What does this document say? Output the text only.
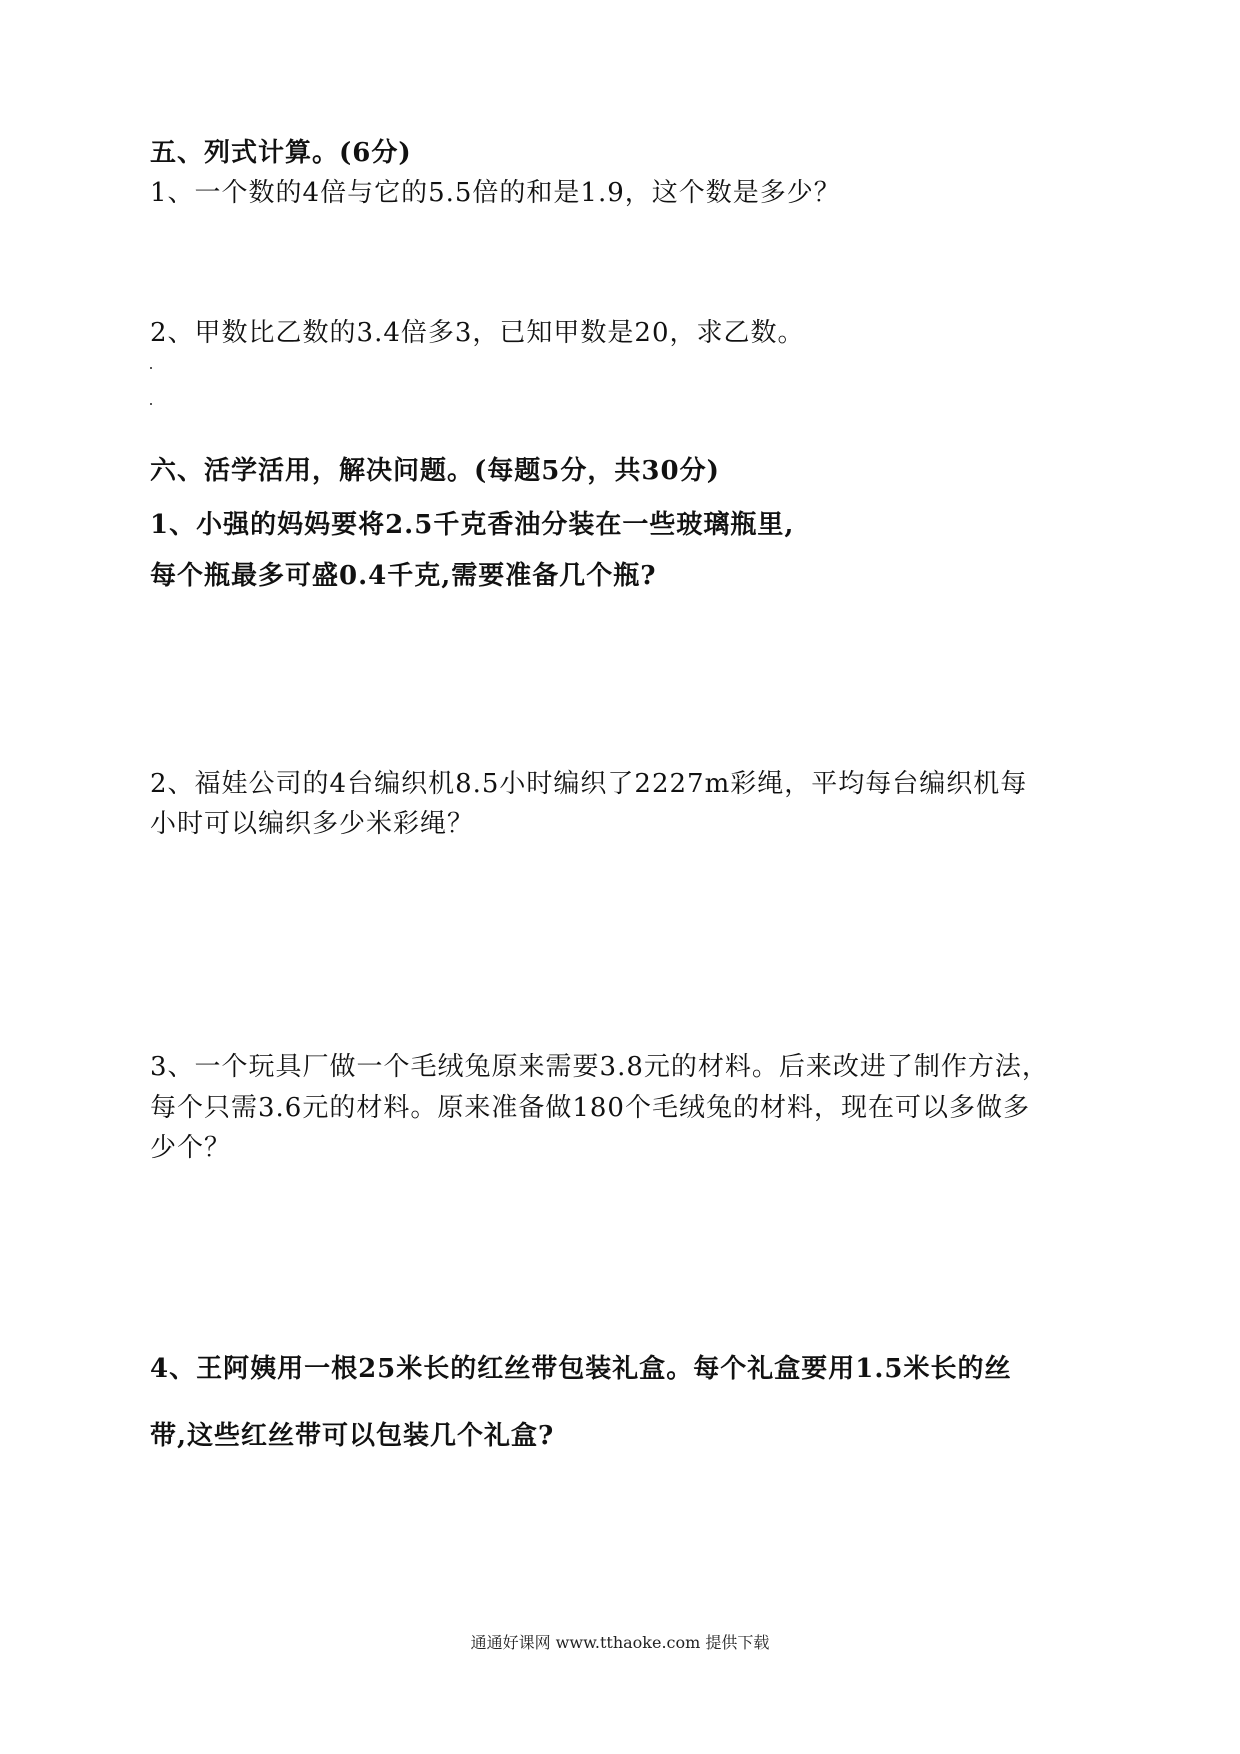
五、列式计算。(6分)
1、一个数的4倍与它的5.5倍的和是1.9，这个数是多少？
2、甲数比乙数的3.4倍多3，已知甲数是20，求乙数。
六、活学活用，解决问题。(每题5分，共30分)
1、小强的妈妈要将2.5千克香油分装在一些玻璃瓶里,
每个瓶最多可盛0.4千克,需要准备几个瓶?
2、福娃公司的4台编织机8.5小时编织了2227m彩绳，平均每台编织机每
小时可以编织多少米彩绳？
3、一个玩具厂做一个毛绒兔原来需要3.8元的材料。后来改进了制作方法，
每个只需3.6元的材料。原来准备做180个毛绒兔的材料，现在可以多做多
少个？
4、王阿姨用一根25米长的红丝带包装礼盒。每个礼盒要用1.5米长的丝
带,这些红丝带可以包装几个礼盒?
通通好课网 www.tthaoke.com 提供下载
